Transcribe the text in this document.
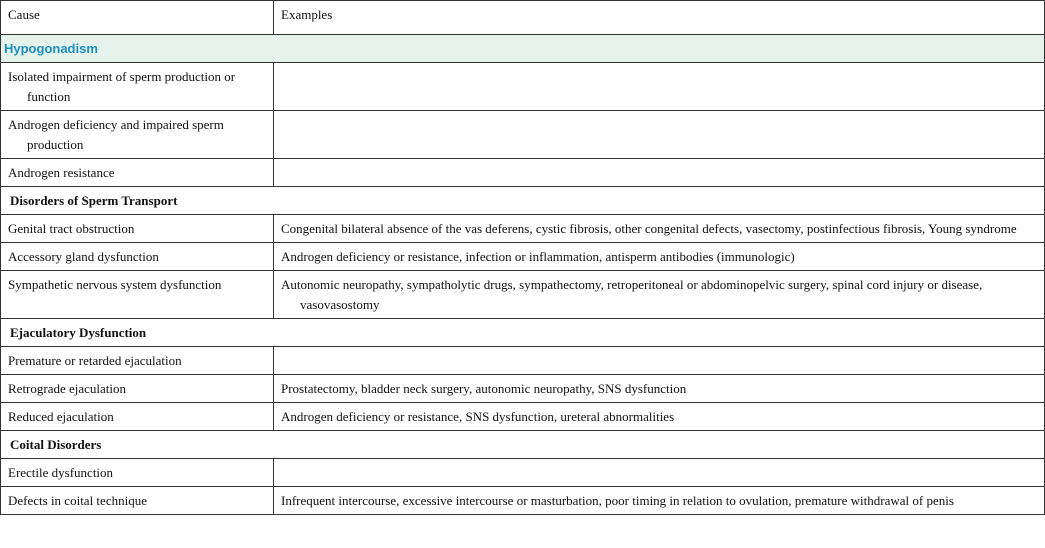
Cause	Examples
Hypogonadism	

Isolated impairment of sperm production or function	

Androgen deficiency and impaired sperm production	

Androgen resistance	

Disorders of Sperm Transport	

Genital tract obstruction	Congenital bilateral absence of the vas deferens, cystic fibrosis, other congenital defects, vasectomy, postinfectious fibrosis, Young syndrome

Accessory gland dysfunction	Androgen deficiency or resistance, infection or inflammation, antisperm antibodies (immunologic)

Sympathetic nervous system dysfunction	Autonomic neuropathy, sympatholytic drugs, sympathectomy, retroperitoneal or abdominopelvic surgery, spinal cord injury or disease, vasovasostomy

Ejaculatory Dysfunction	

Premature or retarded ejaculation	

Retrograde ejaculation	Prostatectomy, bladder neck surgery, autonomic neuropathy, SNS dysfunction

Reduced ejaculation	Androgen deficiency or resistance, SNS dysfunction, ureteral abnormalities

Coital Disorders	

Erectile dysfunction	

Defects in coital technique	Infrequent intercourse, excessive intercourse or masturbation, poor timing in relation to ovulation, premature withdrawal of penis
